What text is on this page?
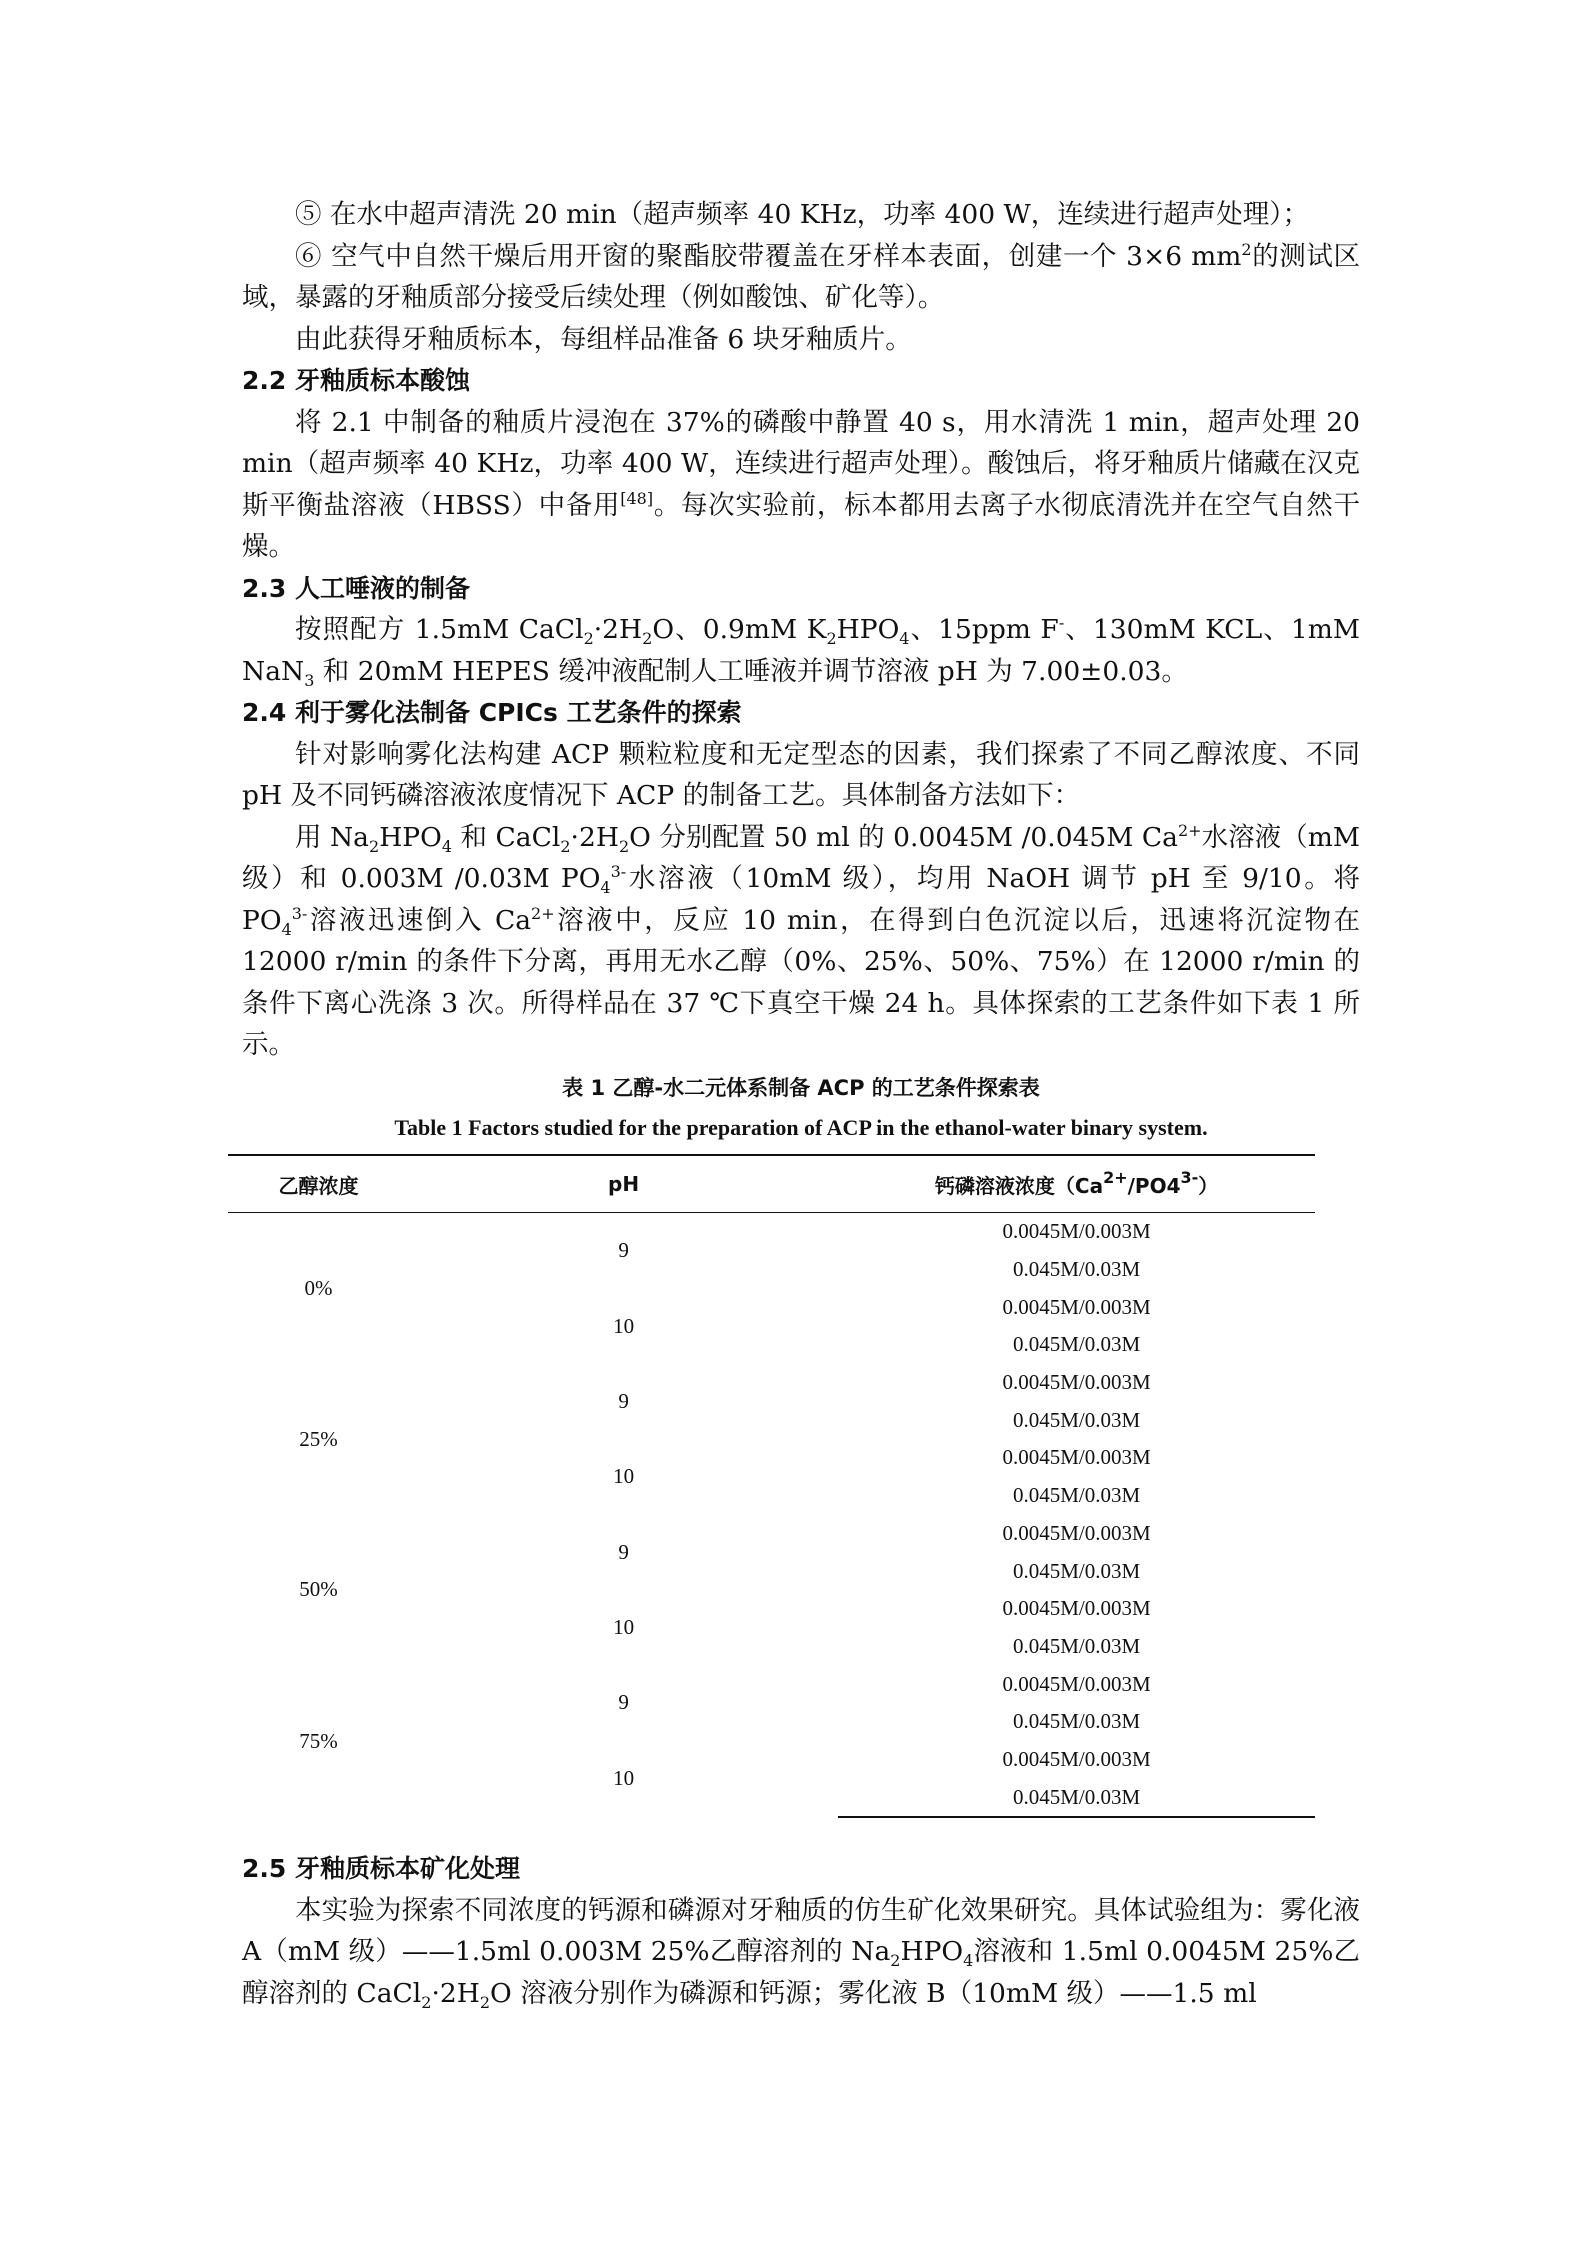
⑤ 在水中超声清洗 20 min（超声频率 40 KHz，功率 400 W，连续进行超声处理）；

⑥ 空气中自然干燥后用开窗的聚酯胶带覆盖在牙样本表面，创建一个 3×6 $mm^2$的测试区域，暴露的牙釉质部分接受后续处理（例如酸蚀、矿化等）。

由此获得牙釉质标本，每组样品准备 6 块牙釉质片。

2.2 牙釉质标本酸蚀

将 2.1 中制备的釉质片浸泡在 37%的磷酸中静置 40 s，用水清洗 1 min，超声处理 20 min（超声频率 40 KHz，功率 400 W，连续进行超声处理）。酸蚀后，将牙釉质片储藏在汉克斯平衡盐溶液（HBSS）中备用[48]。每次实验前，标本都用去离子水彻底清洗并在空气自然干燥。

2.3 人工唾液的制备

按照配方 1.5mM $CaCl_2\cdot 2H_2O$、0.9mM $K_2HPO_4$、15ppm F-、130mM KCL、1mM NaN$_3$ 和 20mM HEPES 缓冲液配制人工唾液并调节溶液 pH 为 7.00±0.03。

2.4 利于雾化法制备 CPICs 工艺条件的探索

针对影响雾化法构建 ACP 颗粒粒度和无定型态的因素，我们探索了不同乙醇浓度、不同 pH 及不同钙磷溶液浓度情况下 ACP 的制备工艺。具体制备方法如下：

用 $Na_2HPO_4$ 和 $CaCl_2\cdot 2H_2O$ 分别配置 50 ml 的 0.0045M /0.045M $Ca^{2+}$水溶液（mM 级）和 0.003M /0.03M $PO_4^{3-}$水溶液（10mM 级），均用 NaOH 调节 pH 至 9/10。将 $PO_4^{3-}$溶液迅速倒入 $Ca^{2+}$溶液中，反应 10 min，在得到白色沉淀以后，迅速将沉淀物在 12000 r/min 的条件下分离，再用无水乙醇（0%、25%、50%、75%）在 12000 r/min 的条件下离心洗涤 3 次。所得样品在 37 ℃下真空干燥 24 h。具体探索的工艺条件如下表 1 所示。

表 1 乙醇-水二元体系制备 ACP 的工艺条件探索表
Table 1 Factors studied for the preparation of ACP in the ethanol-water binary system.
乙醇浓度	pH	钙磷溶液浓度$(Ca^{2+}/PO4^{3-})$
0%	9	0.0045M/0.003M
		0.045M/0.03M
	10	0.0045M/0.003M
		0.045M/0.03M
25%	9	0.0045M/0.003M
		0.045M/0.03M
	10	0.0045M/0.003M
		0.045M/0.03M
50%	9	0.0045M/0.003M
		0.045M/0.03M
	10	0.0045M/0.003M
		0.045M/0.03M
75%	9	0.0045M/0.003M
		0.045M/0.03M
	10	0.0045M/0.003M
		0.045M/0.03M

2.5 牙釉质标本矿化处理

本实验为探索不同浓度的钙源和磷源对牙釉质的仿生矿化效果研究。具体试验组为：雾化液 A（mM 级）——1.5ml 0.003M 25%乙醇溶剂的 $Na_2HPO_4$溶液和 1.5ml 0.0045M 25%乙醇溶剂的 $CaCl_2\cdot 2H_2O$ 溶液分别作为磷源和钙源；雾化液 B（10mM 级）——1.5 ml
